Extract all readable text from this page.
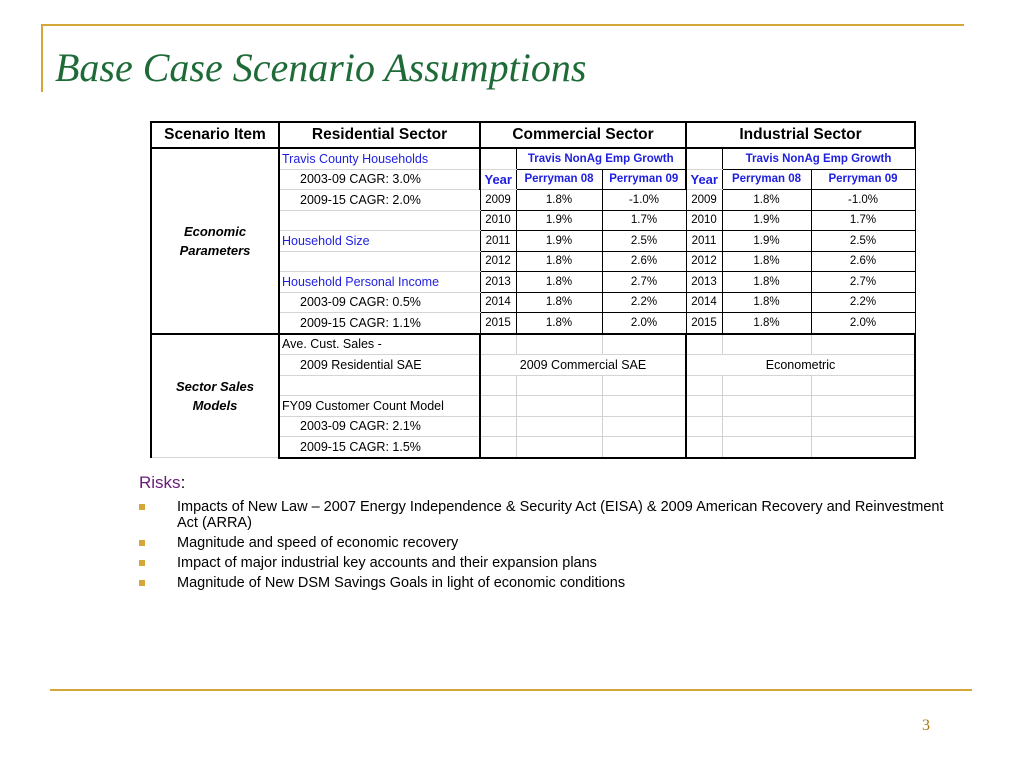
Base Case Scenario Assumptions
Scenario Item	Residential Sector	Commercial Sector			Industrial Sector		
Economic Parameters	Travis County Households		Travis NonAg Emp Growth			Travis NonAg Emp Growth	
	2003-09 CAGR: 3.0%	Year	Perryman 08	Perryman 09	Year	Perryman 08	Perryman 09
	2009-15 CAGR: 2.0%	2009	1.8%	-1.0%	2009	1.8%	-1.0%
		2010	1.9%	1.7%	2010	1.9%	1.7%
	Household Size	2011	1.9%	2.5%	2011	1.9%	2.5%
		2012	1.8%	2.6%	2012	1.8%	2.6%
	Household Personal Income	2013	1.8%	2.7%	2013	1.8%	2.7%
	2003-09 CAGR: 0.5%	2014	1.8%	2.2%	2014	1.8%	2.2%
	2009-15 CAGR: 1.1%	2015	1.8%	2.0%	2015	1.8%	2.0%
Sector Sales Models	Ave. Cust. Sales -						
	2009 Residential SAE	2009 Commercial SAE			Econometric		

	FY09 Customer Count Model						
	2003-09 CAGR: 2.1%						
	2009-15 CAGR: 1.5%						
Risks:
Impacts of New Law – 2007 Energy Independence & Security Act (EISA) & 2009 American Recovery and Reinvestment Act (ARRA)
Magnitude and speed of economic recovery
Impact of major industrial key accounts and their expansion plans
Magnitude of New DSM Savings Goals in light of economic conditions
3
